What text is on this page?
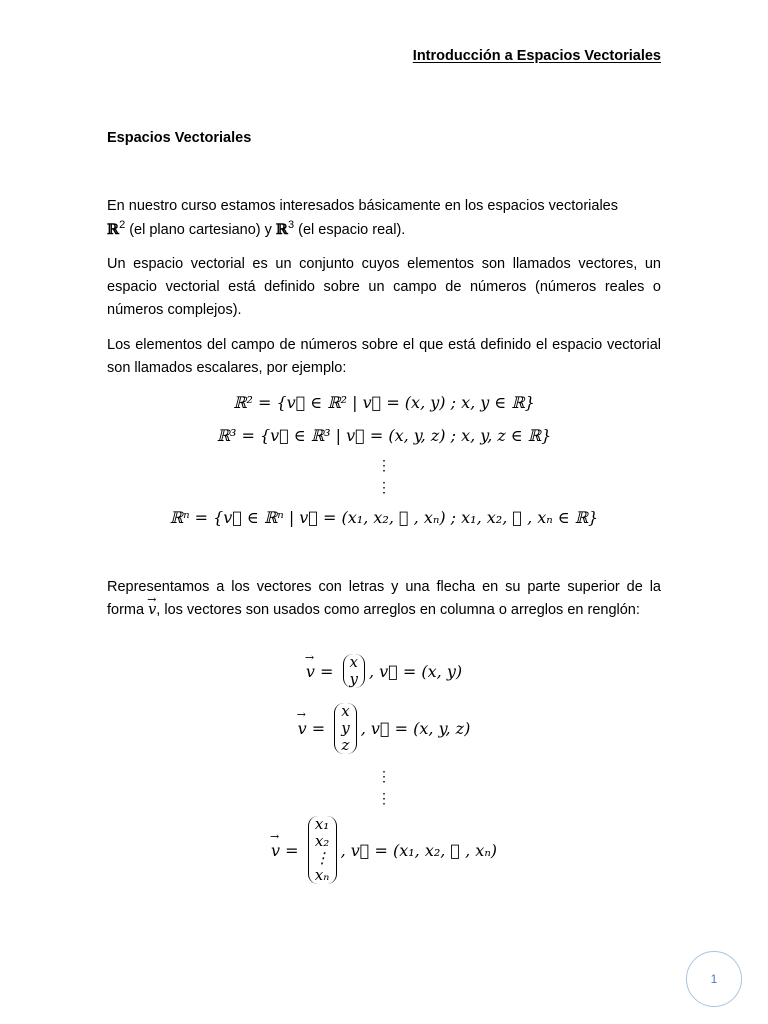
Introducción a Espacios Vectoriales
Espacios Vectoriales
En nuestro curso estamos interesados básicamente en los espacios vectoriales
ℝ$^2$ (el plano cartesiano) y ℝ$^3$ (el espacio real).
Un espacio vectorial es un conjunto cuyos elementos son llamados vectores, un espacio vectorial está definido sobre un campo de números (números reales o números complejos).
Los elementos del campo de números sobre el que está definido el espacio vectorial son llamados escalares, por ejemplo:
ℝ² = {v⃗ ∈ ℝ² | v⃗ = (x, y) ; x, y ∈ ℝ}
ℝ³ = {v⃗ ∈ ℝ³ | v⃗ = (x, y, z) ; x, y, z ∈ ℝ}
⋮
⋮
ℝⁿ = {v⃗ ∈ ℝⁿ | v⃗ = (x₁, x₂, ⋯ , xₙ) ; x₁, x₂, ⋯ , xₙ ∈ ℝ}
Representamos a los vectores con letras y una flecha en su parte superior de la forma → v, los vectores son usados como arreglos en columna o arreglos en renglón:
→ v = x
y , v⃗ = (x, y)
→ v =
x
y
z
, v⃗ = (x, y, z)
⋮
⋮
→ v =
x₁
x₂
⋮
xₙ
, v⃗ = (x₁, x₂, ⋯ , xₙ)
1
